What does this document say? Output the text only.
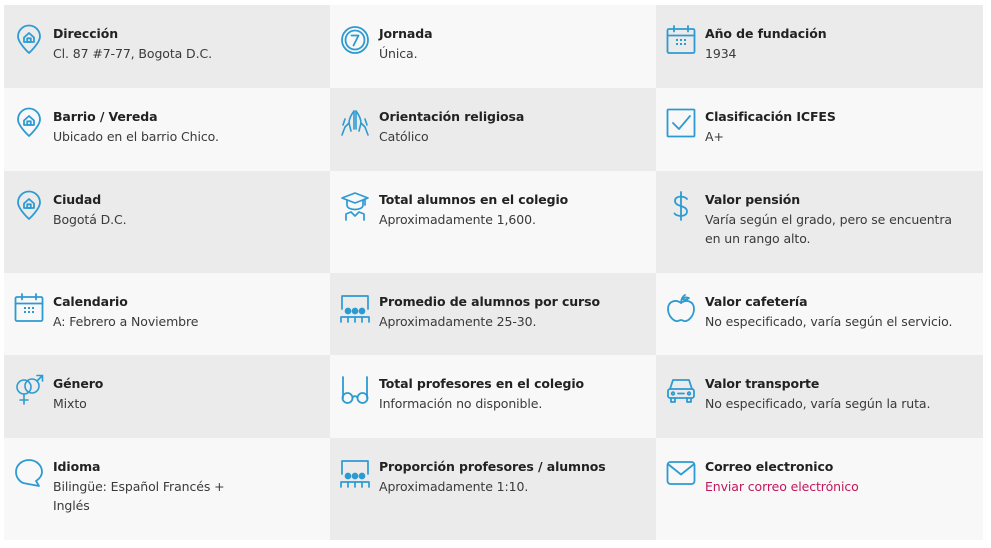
Dirección
Cl. 87 #7-77, Bogota D.C.
Jornada
Única.
Año de fundación
1934
Barrio / Vereda
Ubicado en el barrio Chico.
Orientación religiosa
Católico
Clasificación ICFES
A+
Ciudad
Bogotá D.C.
Total alumnos en el colegio
Aproximadamente 1,600.
Valor pensión
Varía según el grado, pero se encuentra en un rango alto.
Calendario
A: Febrero a Noviembre
Promedio de alumnos por curso
Aproximadamente 25-30.
Valor cafetería
No especificado, varía según el servicio.
Género
Mixto
Total profesores en el colegio
Información no disponible.
Valor transporte
No especificado, varía según la ruta.
Idioma
Bilingüe: Español Francés + Inglés
Proporción profesores / alumnos
Aproximadamente 1:10.
Correo electronico
Enviar correo electrónico
